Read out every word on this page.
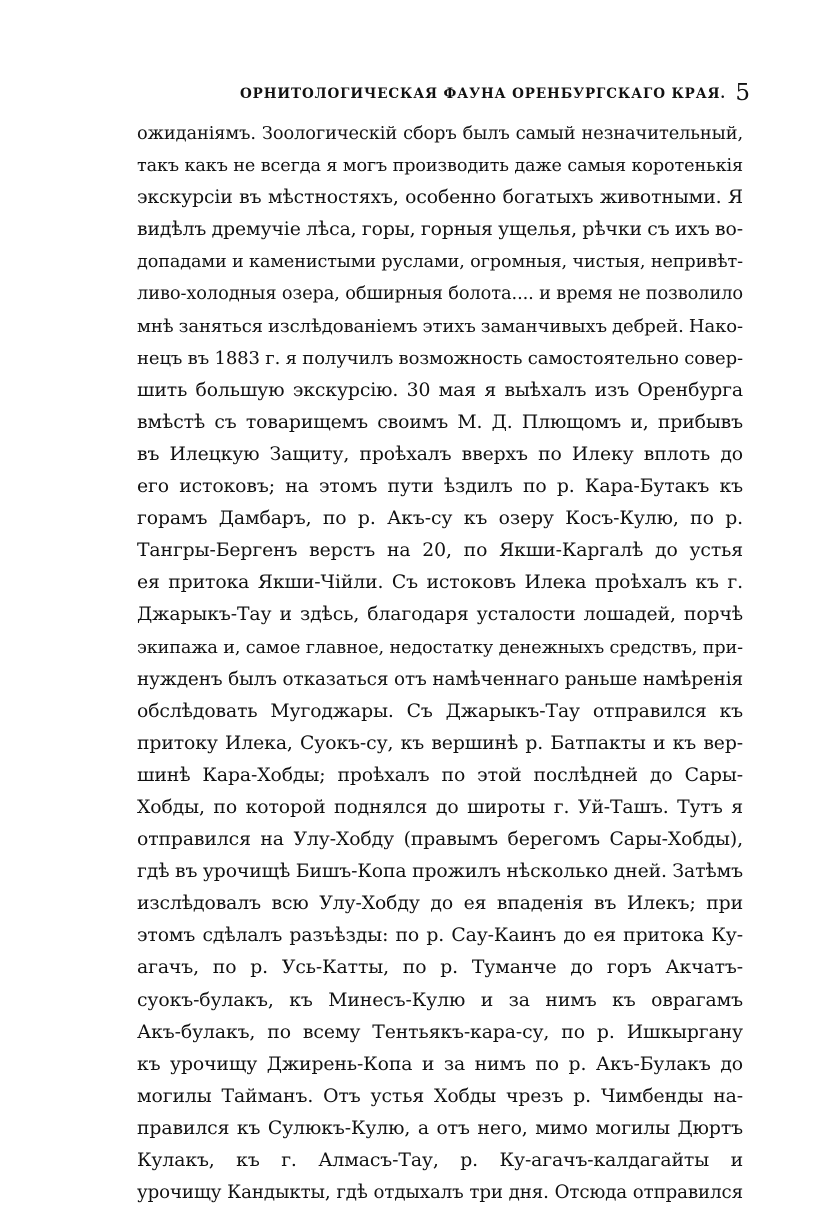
ОРНИТОЛОГИЧЕСКАЯ ФАУНА ОРЕНБУРГСКАГО КРАЯ. 5
ожиданiямъ. Зоологическiй сборъ былъ самый незначительный,
такъ какъ не всегда я могъ производить даже самыя коротенькiя
экскурсiи въ мѣстностяхъ, особенно богатыхъ животными. Я
видѣлъ дремучiе лѣса, горы, горныя ущелья, рѣчки съ ихъ во-
допадами и каменистыми руслами, огромныя, чистыя, непривѣт-
ливо-холодныя озера, обширныя болота.... и время не позволило
мнѣ заняться изслѣдованiемъ этихъ заманчивыхъ дебрей. Нако-
нецъ въ 1883 г. я получилъ возможность самостоятельно совер-
шить большую экскурсiю. 30 мая я выѣхалъ изъ Оренбурга
вмѣстѣ съ товарищемъ своимъ М. Д. Плющомъ и, прибывъ
въ Илецкую Защиту, проѣхалъ вверхъ по Илеку вплоть до
его истоковъ; на этомъ пути ѣздилъ по р. Кара-Бутакъ къ
горамъ Дамбаръ, по р. Акъ-су къ озеру Косъ-Кулю, по р.
Тангры-Бергенъ верстъ на 20, по Якши-Каргалѣ до устья
ея притока Якши-Чiйли. Съ истоковъ Илека проѣхалъ къ г.
Джарыкъ-Тау и здѣсь, благодаря усталости лошадей, порчѣ
экипажа и, самое главное, недостатку денежныхъ средствъ, при-
нужденъ былъ отказаться отъ намѣченнаго раньше намѣренiя
обслѣдовать Мугоджары. Съ Джарыкъ-Тау отправился къ
притоку Илека, Суокъ-су, къ вершинѣ р. Батпакты и къ вер-
шинѣ Кара-Хобды; проѣхалъ по этой послѣдней до Сары-
Хобды, по которой поднялся до широты г. Уй-Ташъ. Тутъ я
отправился на Улу-Хобду (правымъ берегомъ Сары-Хобды),
гдѣ въ урочищѣ Бишъ-Копа прожилъ нѣсколько дней. Затѣмъ
изслѣдовалъ всю Улу-Хобду до ея впаденiя въ Илекъ; при
этомъ сдѣлалъ разъѣзды: по р. Сау-Каинъ до ея притока Ку-
агачъ, по р. Усь-Катты, по р. Туманче до горъ Акчатъ-
суокъ-булакъ, къ Минесъ-Кулю и за нимъ къ оврагамъ
Акъ-булакъ, по всему Тентьякъ-кара-су, по р. Ишкыргану
къ урочищу Джирень-Копа и за нимъ по р. Акъ-Булакъ до
могилы Тайманъ. Отъ устья Хобды чрезъ р. Чимбенды на-
правился къ Сулюкъ-Кулю, а отъ него, мимо могилы Дюртъ
Кулакъ, къ г. Алмасъ-Тау, р. Ку-агачъ-калдагайты и
урочищу Кандыкты, гдѣ отдыхалъ три дня. Отсюда отправился
